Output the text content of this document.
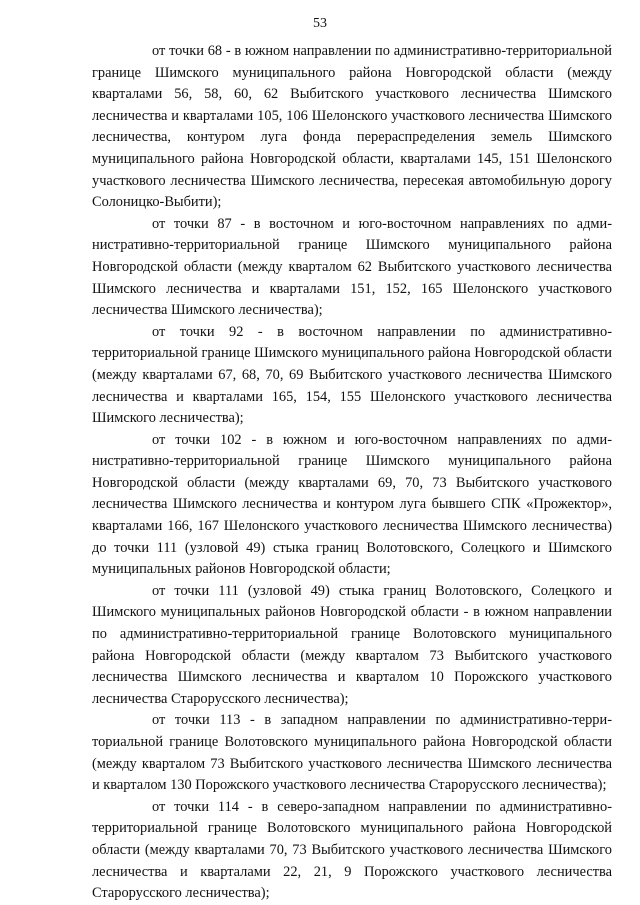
53

от точки 68 - в южном направлении по административно-территориальной границе Шимского муниципального района Новгородской области (между кварталами 56, 58, 60, 62 Выбитского участкового лесничества Шимского лесничества и кварталами 105, 106 Шелонского участкового лесничества Шимского лесничества, контуром луга фонда перераспределения земель Шимского муниципального района Новгородской области, кварталами 145, 151 Шелонского участкового лесничества Шимского лесничества, пересекая автомобильную дорогу Солоницко-Выбити);

от точки 87 - в восточном и юго-восточном направлениях по административно-территориальной границе Шимского муниципального района Новгородской области (между кварталом 62 Выбитского участкового лесничества Шимского лесничества и кварталами 151, 152, 165 Шелонского участкового лесничества Шимского лесничества);

от точки 92 - в восточном направлении по административно-территориальной границе Шимского муниципального района Новгородской области (между кварталами 67, 68, 70, 69 Выбитского участкового лесничества Шимского лесничества и кварталами 165, 154, 155 Шелонского участкового лесничества Шимского лесничества);

от точки 102 - в южном и юго-восточном направлениях по административно-территориальной границе Шимского муниципального района Новгородской области (между кварталами 69, 70, 73 Выбитского участкового лесничества Шимского лесничества и контуром луга бывшего СПК «Прожектор», кварталами 166, 167 Шелонского участкового лесничества Шимского лесничества) до точки 111 (узловой 49) стыка границ Волотовского, Солецкого и Шимского муниципальных районов Новгородской области;

от точки 111 (узловой 49) стыка границ Волотовского, Солецкого и Шимского муниципальных районов Новгородской области - в южном направлении по административно-территориальной границе Волотовского муниципального района Новгородской области (между кварталом 73 Выбитского участкового лесничества Шимского лесничества и кварталом 10 Порожского участкового лесничества Старорусского лесничества);

от точки 113 - в западном направлении по административно-территориальной границе Волотовского муниципального района Новгородской области (между кварталом 73 Выбитского участкового лесничества Шимского лесничества и кварталом 130 Порожского участкового лесничества Старорусского лесничества);

от точки 114 - в северо-западном направлении по административно-территориальной границе Волотовского муниципального района Новгородской области (между кварталами 70, 73 Выбитского участкового лесничества Шимского лесничества и кварталами 22, 21, 9 Порожского участкового лесничества Старорусского лесничества);
